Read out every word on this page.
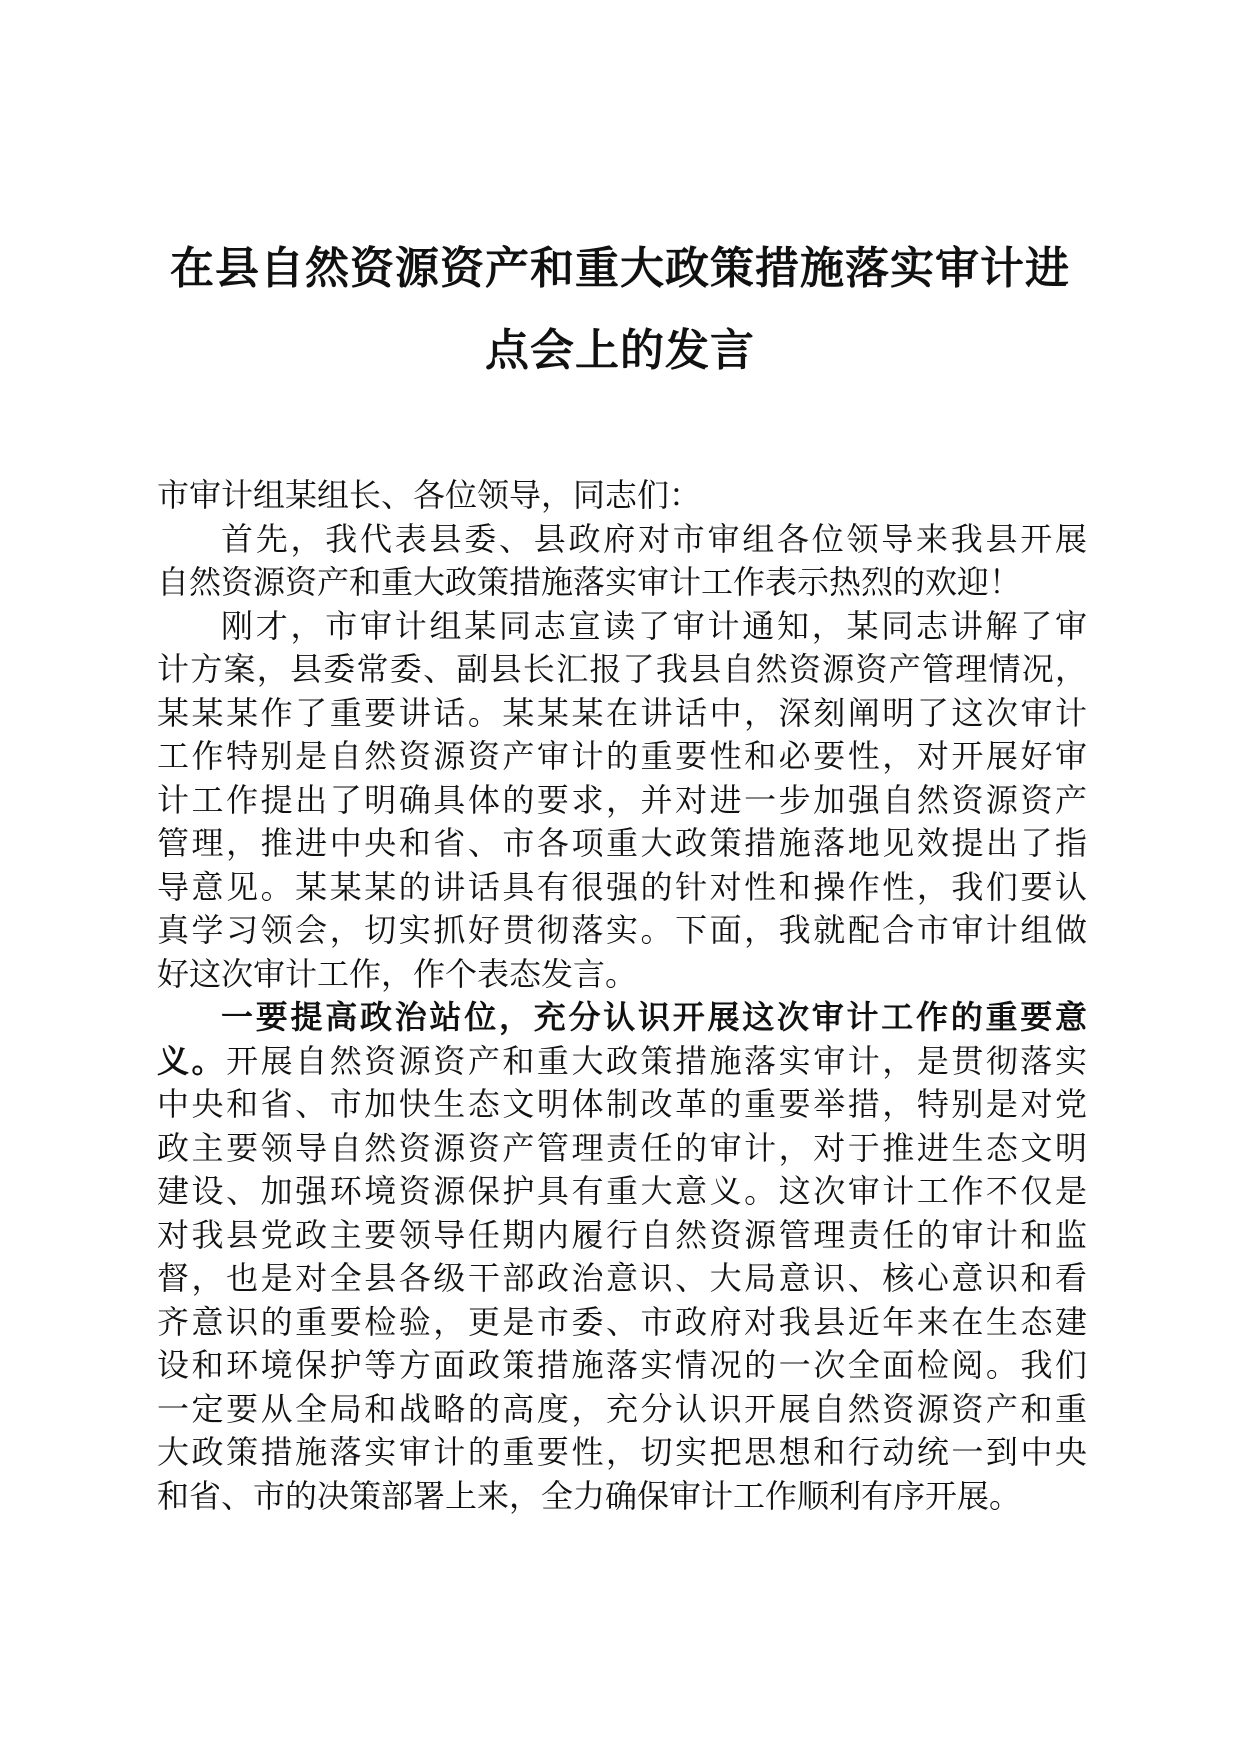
在县自然资源资产和重大政策措施落实审计进
点会上的发言
市审计组某组长、各位领导，同志们：
首先，我代表县委、县政府对市审组各位领导来我县开展
自然资源资产和重大政策措施落实审计工作表示热烈的欢迎！
刚才，市审计组某同志宣读了审计通知，某同志讲解了审
计方案，县委常委、副县长汇报了我县自然资源资产管理情况，
某某某作了重要讲话。某某某在讲话中，深刻阐明了这次审计
工作特别是自然资源资产审计的重要性和必要性，对开展好审
计工作提出了明确具体的要求，并对进一步加强自然资源资产
管理，推进中央和省、市各项重大政策措施落地见效提出了指
导意见。某某某的讲话具有很强的针对性和操作性，我们要认
真学习领会，切实抓好贯彻落实。下面，我就配合市审计组做
好这次审计工作，作个表态发言。
一要提高政治站位，充分认识开展这次审计工作的重要意
义。开展自然资源资产和重大政策措施落实审计，是贯彻落实
中央和省、市加快生态文明体制改革的重要举措，特别是对党
政主要领导自然资源资产管理责任的审计，对于推进生态文明
建设、加强环境资源保护具有重大意义。这次审计工作不仅是
对我县党政主要领导任期内履行自然资源管理责任的审计和监
督，也是对全县各级干部政治意识、大局意识、核心意识和看
齐意识的重要检验，更是市委、市政府对我县近年来在生态建
设和环境保护等方面政策措施落实情况的一次全面检阅。我们
一定要从全局和战略的高度，充分认识开展自然资源资产和重
大政策措施落实审计的重要性，切实把思想和行动统一到中央
和省、市的决策部署上来，全力确保审计工作顺利有序开展。
